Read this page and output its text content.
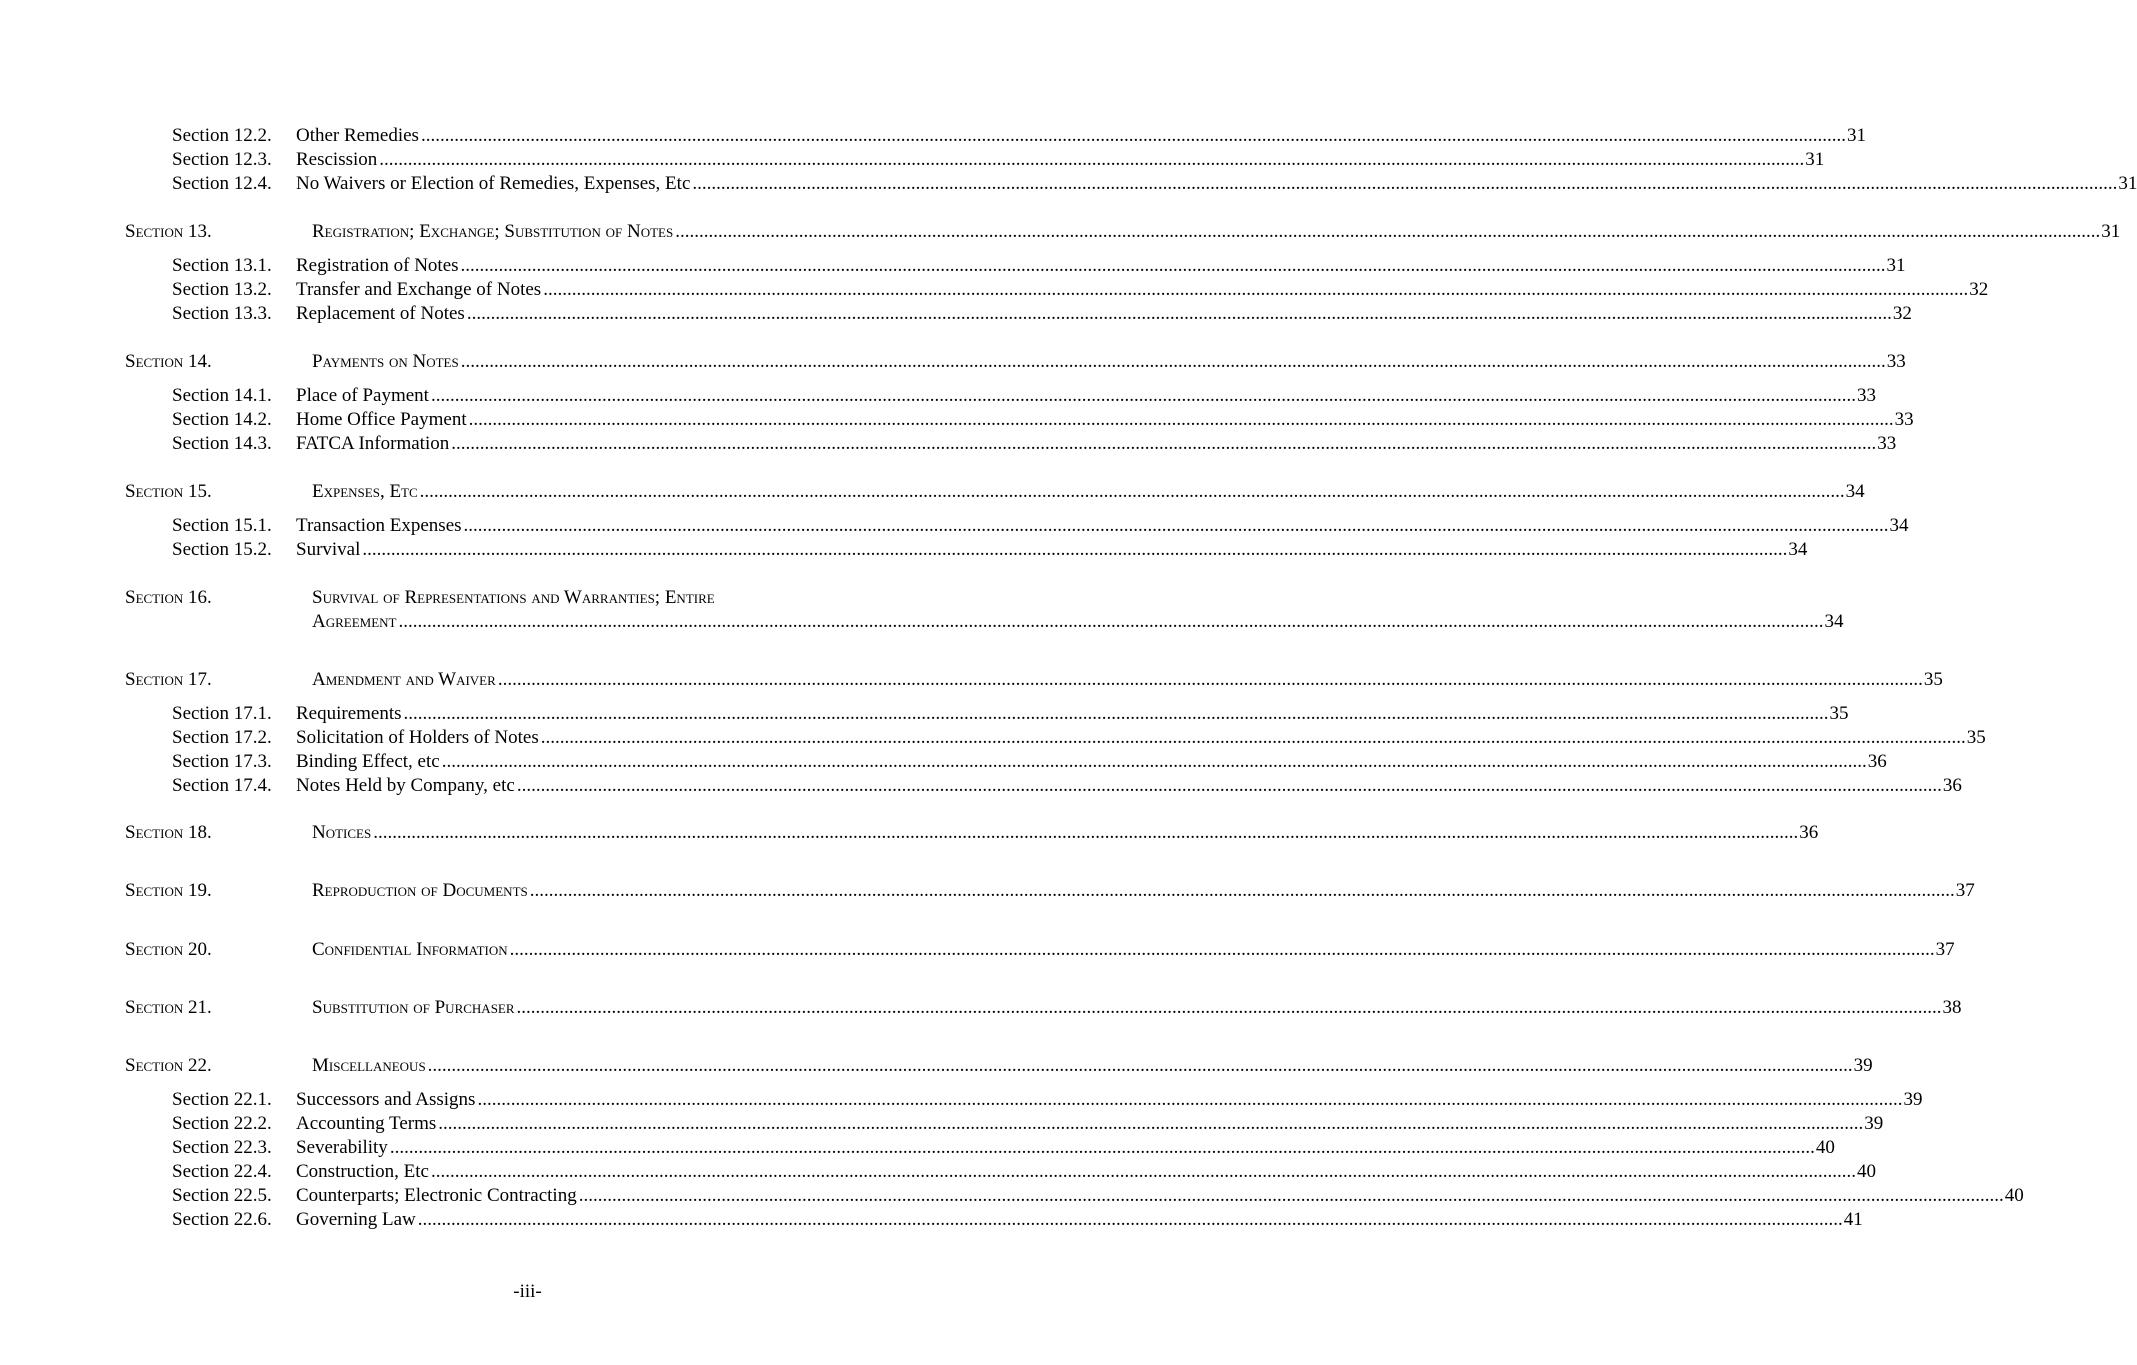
Section 12.2. Other Remedies ............................................................................................................................................................................................................................................................................................................ 31
Section 12.3. Rescission ............................................................................................................................................................................................................................................................................................................ 31
Section 12.4. No Waivers or Election of Remedies, Expenses, Etc ............................................................................................................................................................................................................................................................................................................ 31
Section 13.	Registration; Exchange; Substitution of Notes ............................................................................................................................................................................................................................................................................................................ 31
Section 13.1. Registration of Notes ............................................................................................................................................................................................................................................................................................................ 31
Section 13.2. Transfer and Exchange of Notes ............................................................................................................................................................................................................................................................................................................ 32
Section 13.3. Replacement of Notes ............................................................................................................................................................................................................................................................................................................ 32
Section 14.	Payments on Notes ............................................................................................................................................................................................................................................................................................................ 33
Section 14.1. Place of Payment ............................................................................................................................................................................................................................................................................................................ 33
Section 14.2. Home Office Payment ............................................................................................................................................................................................................................................................................................................ 33
Section 14.3. FATCA Information ............................................................................................................................................................................................................................................................................................................ 33
Section 15.	Expenses, Etc ............................................................................................................................................................................................................................................................................................................ 34
Section 15.1. Transaction Expenses ............................................................................................................................................................................................................................................................................................................ 34
Section 15.2. Survival ............................................................................................................................................................................................................................................................................................................ 34
Section 16.	Survival of Representations and Warranties; Entire
Agreement ............................................................................................................................................................................................................................................................................................................ 34
Section 17.	Amendment and Waiver ............................................................................................................................................................................................................................................................................................................ 35
Section 17.1. Requirements ............................................................................................................................................................................................................................................................................................................ 35
Section 17.2. Solicitation of Holders of Notes ............................................................................................................................................................................................................................................................................................................ 35
Section 17.3. Binding Effect, etc ............................................................................................................................................................................................................................................................................................................ 36
Section 17.4. Notes Held by Company, etc ............................................................................................................................................................................................................................................................................................................ 36
Section 18.	Notices ............................................................................................................................................................................................................................................................................................................ 36
Section 19.	Reproduction of Documents ............................................................................................................................................................................................................................................................................................................ 37
Section 20.	Confidential Information ............................................................................................................................................................................................................................................................................................................ 37
Section 21.	Substitution of Purchaser ............................................................................................................................................................................................................................................................................................................ 38
Section 22.	Miscellaneous ............................................................................................................................................................................................................................................................................................................ 39
Section 22.1. Successors and Assigns ............................................................................................................................................................................................................................................................................................................ 39
Section 22.2. Accounting Terms ............................................................................................................................................................................................................................................................................................................ 39
Section 22.3. Severability ............................................................................................................................................................................................................................................................................................................ 40
Section 22.4. Construction, Etc ............................................................................................................................................................................................................................................................................................................ 40
Section 22.5. Counterparts; Electronic Contracting ............................................................................................................................................................................................................................................................................................................ 40
Section 22.6. Governing Law ............................................................................................................................................................................................................................................................................................................ 41
-iii-
